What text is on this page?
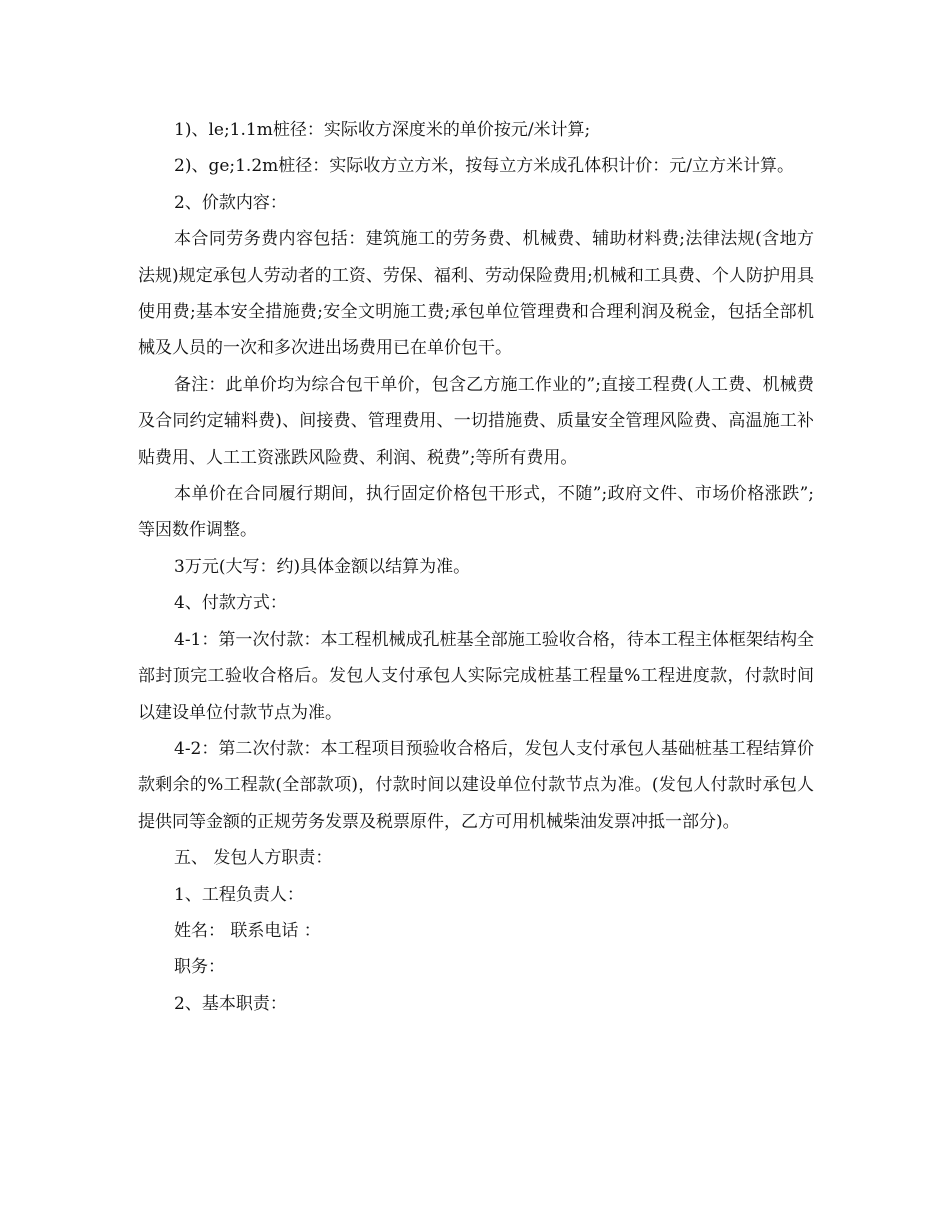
1)、le;1.1m桩径：实际收方深度米的单价按元/米计算;

2)、ge;1.2m桩径：实际收方立方米，按每立方米成孔体积计价：元/立方米计算。

2、价款内容：

本合同劳务费内容包括：建筑施工的劳务费、机械费、辅助材料费;法律法规(含地方法规)规定承包人劳动者的工资、劳保、福利、劳动保险费用;机械和工具费、个人防护用具使用费;基本安全措施费;安全文明施工费;承包单位管理费和合理利润及税金，包括全部机械及人员的一次和多次进出场费用已在单价包干。

备注：此单价均为综合包干单价，包含乙方施工作业的”;直接工程费(人工费、机械费及合同约定辅料费)、间接费、管理费用、一切措施费、质量安全管理风险费、高温施工补贴费用、人工工资涨跌风险费、利润、税费”;等所有费用。

本单价在合同履行期间，执行固定价格包干形式，不随”;政府文件、市场价格涨跌”;等因数作调整。

3万元(大写：约)具体金额以结算为准。

4、付款方式：

4-1：第一次付款：本工程机械成孔桩基全部施工验收合格，待本工程主体框架结构全部封顶完工验收合格后。发包人支付承包人实际完成桩基工程量%工程进度款，付款时间以建设单位付款节点为准。

4-2：第二次付款：本工程项目预验收合格后，发包人支付承包人基础桩基工程结算价款剩余的%工程款(全部款项)，付款时间以建设单位付款节点为准。(发包人付款时承包人提供同等金额的正规劳务发票及税票原件，乙方可用机械柴油发票冲抵一部分)。

五、 发包人方职责：

1、工程负责人：

姓名： 联系电话 ：

职务：

2、基本职责：
